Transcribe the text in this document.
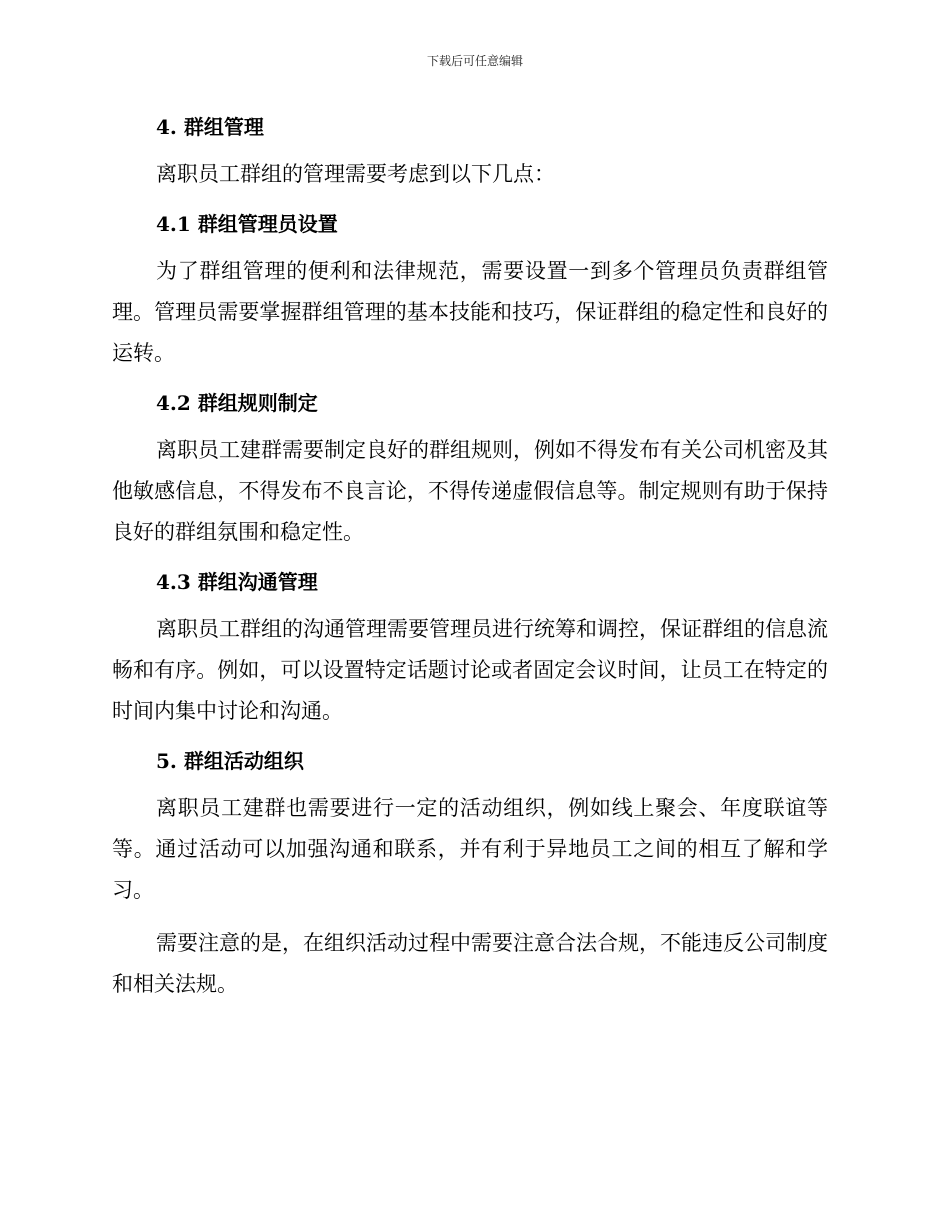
下载后可任意编辑
4. 群组管理

离职员工群组的管理需要考虑到以下几点：

4.1 群组管理员设置

为了群组管理的便利和法律规范，需要设置一到多个管理员负责群组管理。管理员需要掌握群组管理的基本技能和技巧，保证群组的稳定性和良好的运转。

4.2 群组规则制定

离职员工建群需要制定良好的群组规则，例如不得发布有关公司机密及其他敏感信息，不得发布不良言论，不得传递虚假信息等。制定规则有助于保持良好的群组氛围和稳定性。

4.3 群组沟通管理

离职员工群组的沟通管理需要管理员进行统筹和调控，保证群组的信息流畅和有序。例如，可以设置特定话题讨论或者固定会议时间，让员工在特定的时间内集中讨论和沟通。

5. 群组活动组织

离职员工建群也需要进行一定的活动组织，例如线上聚会、年度联谊等等。通过活动可以加强沟通和联系，并有利于异地员工之间的相互了解和学习。

需要注意的是，在组织活动过程中需要注意合法合规，不能违反公司制度和相关法规。
